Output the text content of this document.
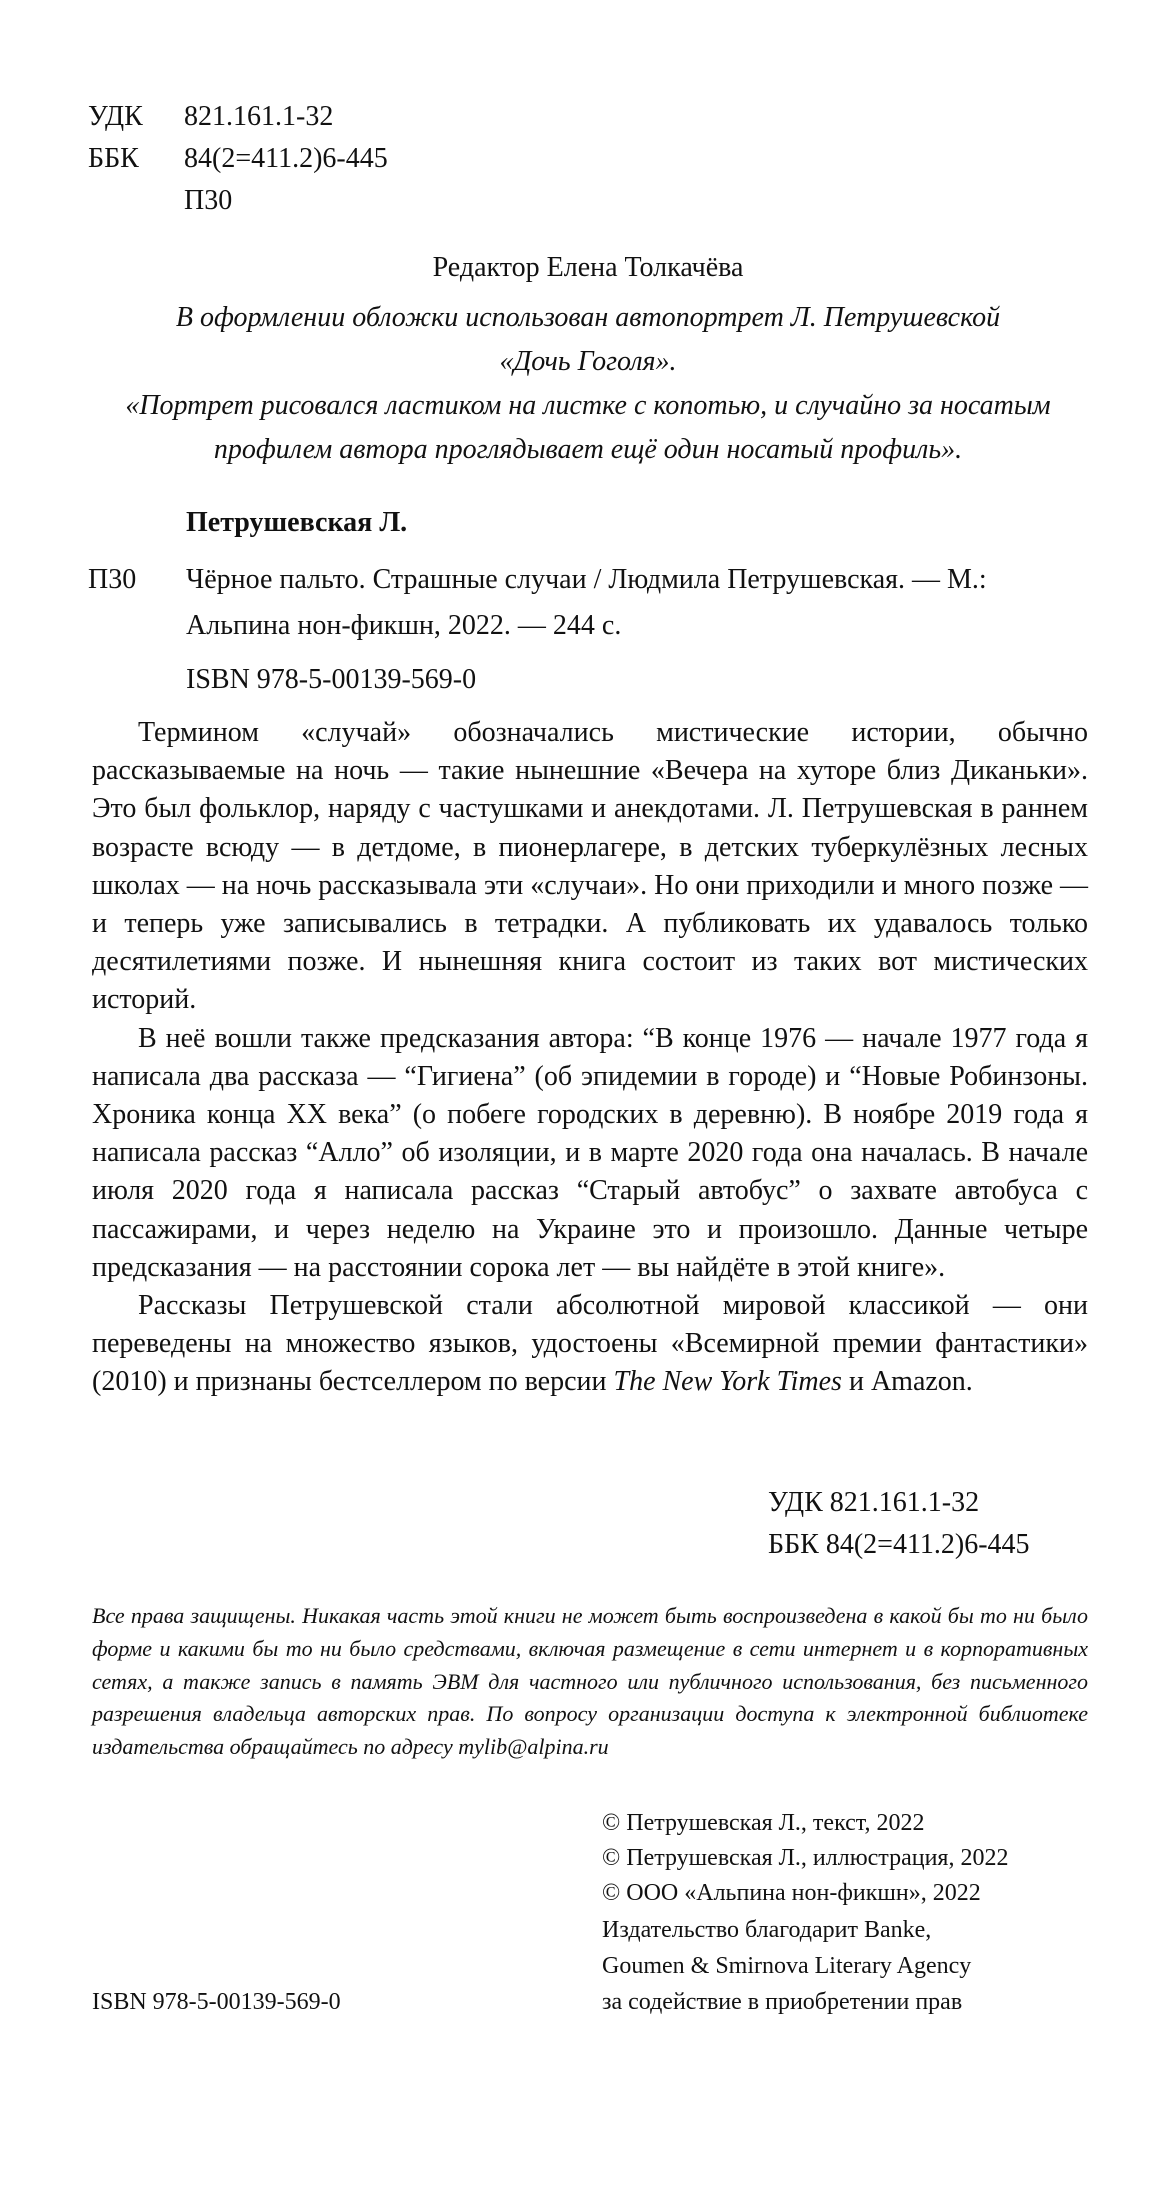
УДК	821.161.1-32
ББК	84(2=411.2)6-445
П30
Редактор Елена Толкачёва
В оформлении обложки использован автопортрет Л. Петрушевской
«Дочь Гоголя».
«Портрет рисовался ластиком на листке с копотью, и случайно за носатым
профилем автора проглядывает ещё один носатый профиль».
Петрушевская Л.
П30	Чёрное пальто. Страшные случаи / Людмила Петрушевская. — М.:
Альпина нон-фикшн, 2022. — 244 с.
ISBN 978-5-00139-569-0

Термином «случай» обозначались мистические истории, обычно рассказываемые на ночь — такие нынешние «Вечера на хуторе близ Диканьки». Это был фольклор, наряду с частушками и анекдотами. Л. Петрушевская в раннем возрасте всюду — в детдоме, в пионерлагере, в детских туберкулёзных лесных школах — на ночь рассказывала эти «случаи». Но они приходили и много позже — и теперь уже записывались в тетрадки. А публиковать их удавалось только десятилетиями позже. И нынешняя книга состоит из таких вот мистических историй.

В неё вошли также предсказания автора: “В конце 1976 — начале 1977 года я написала два рассказа — “Гигиена” (об эпидемии в городе) и “Новые Робинзоны. Хроника конца XX века” (о побеге городских в деревню). В ноябре 2019 года я написала рассказ “Алло” об изоляции, и в марте 2020 года она началась. В начале июля 2020 года я написала рассказ “Старый автобус” о захвате автобуса с пассажирами, и через неделю на Украине это и произошло. Данные четыре предсказания — на расстоянии сорока лет — вы найдёте в этой книге».

Рассказы Петрушевской стали абсолютной мировой классикой — они переведены на множество языков, удостоены «Всемирной премии фантастики» (2010) и признаны бестселлером по версии The New York Times и Amazon.

УДК 821.161.1-32
ББК 84(2=411.2)6-445
Все права защищены. Никакая часть этой книги не может быть воспроизведена в какой бы то ни было форме и какими бы то ни было средствами, включая размещение в сети интернет и в корпоративных сетях, а также запись в память ЭВМ для частного или публичного использования, без письменного разрешения владельца авторских прав. По вопросу организации доступа к электронной библиотеке издательства обращайтесь по адресу mylib@alpina.ru
© Петрушевская Л., текст, 2022
© Петрушевская Л., иллюстрация, 2022
© ООО «Альпина нон-фикшн», 2022
Издательство благодарит Banke,
Goumen & Smirnova Literary Agency
за содействие в приобретении прав
ISBN 978-5-00139-569-0
